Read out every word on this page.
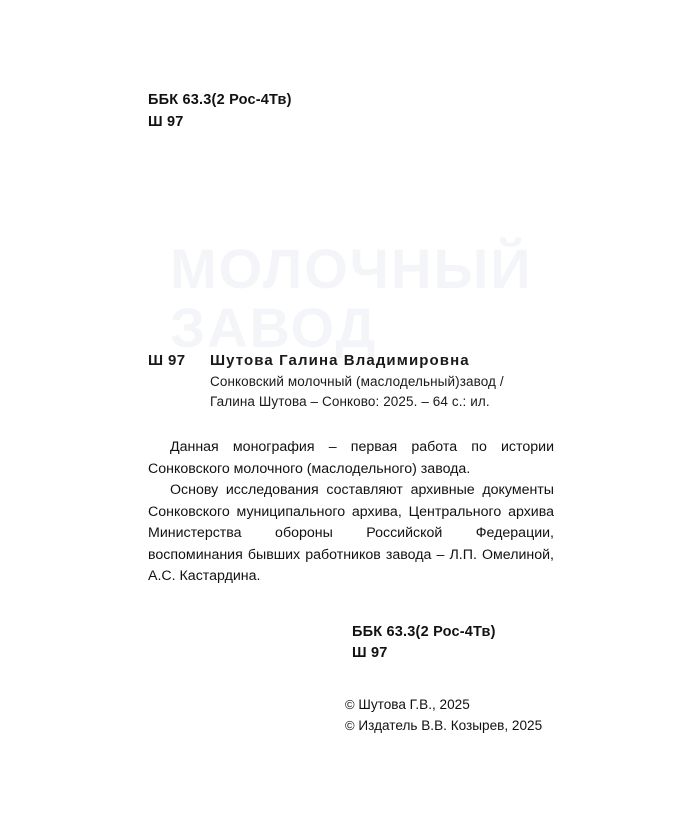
ББК 63.3(2 Рос-4Тв)
Ш 97
Ш 97	Шутова Галина Владимировна
Сонковский молочный (маслодельный)завод /
Галина Шутова – Сонково: 2025. – 64 с.: ил.

Данная монография – первая работа по истории Сонковского молочного (маслодельного) завода.

Основу исследования составляют архивные документы Сонковского муниципального архива, Центрального архива Министерства обороны Российской Федерации, воспоминания бывших работников завода – Л.П. Омелиной, А.С. Кастардина.

ББК 63.3(2 Рос-4Тв)
Ш 97
© Шутова Г.В., 2025
© Издатель В.В. Козырев, 2025
